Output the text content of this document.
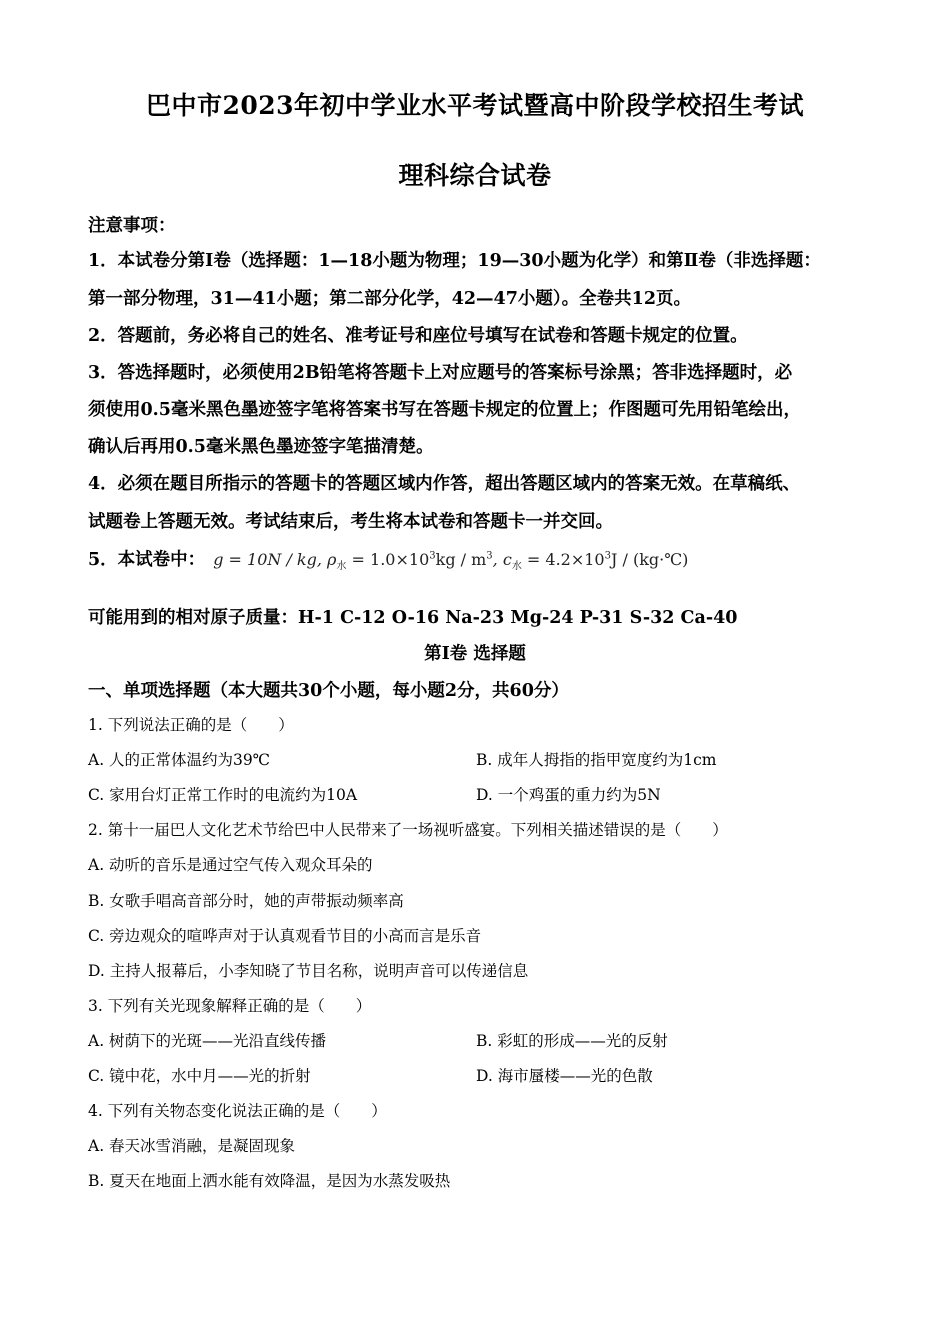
巴中市2023年初中学业水平考试暨高中阶段学校招生考试
理科综合试卷
注意事项：
1．本试卷分第Ⅰ卷（选择题：1—18小题为物理；19—30小题为化学）和第Ⅱ卷（非选择题：
第一部分物理，31—41小题；第二部分化学，42—47小题）。全卷共12页。
2．答题前，务必将自己的姓名、准考证号和座位号填写在试卷和答题卡规定的位置。
3．答选择题时，必须使用2B铅笔将答题卡上对应题号的答案标号涂黑；答非选择题时，必
须使用0.5毫米黑色墨迹签字笔将答案书写在答题卡规定的位置上；作图题可先用铅笔绘出，
确认后再用0.5毫米黑色墨迹签字笔描清楚。
4．必须在题目所指示的答题卡的答题区域内作答，超出答题区域内的答案无效。在草稿纸、
试题卷上答题无效。考试结束后，考生将本试卷和答题卡一并交回。
5．本试卷中： g = 10N / kg, $\rho_水 = 1.0\times 10^3kg / m^3$, $c_水 = 4.2\times 10^3J$ / (kg·℃)
可能用到的相对原子质量：H-1 C-12 O-16 Na-23 Mg-24 P-31 S-32 Ca-40
第Ⅰ卷 选择题
一、单项选择题（本大题共30个小题，每小题2分，共60分）
1. 下列说法正确的是（　　）
A. 人的正常体温约为39℃	B. 成年人拇指的指甲宽度约为1cm
C. 家用台灯正常工作时的电流约为10A	D. 一个鸡蛋的重力约为5N
2. 第十一届巴人文化艺术节给巴中人民带来了一场视听盛宴。下列相关描述错误的是（　　）
A. 动听的音乐是通过空气传入观众耳朵的
B. 女歌手唱高音部分时，她的声带振动频率高
C. 旁边观众的喧哗声对于认真观看节目的小高而言是乐音
D. 主持人报幕后，小李知晓了节目名称，说明声音可以传递信息
3. 下列有关光现象解释正确的是（　　）
A. 树荫下的光斑——光沿直线传播	B. 彩虹的形成——光的反射
C. 镜中花，水中月——光的折射	D. 海市蜃楼——光的色散
4. 下列有关物态变化说法正确的是（　　）
A. 春天冰雪消融，是凝固现象
B. 夏天在地面上洒水能有效降温，是因为水蒸发吸热
